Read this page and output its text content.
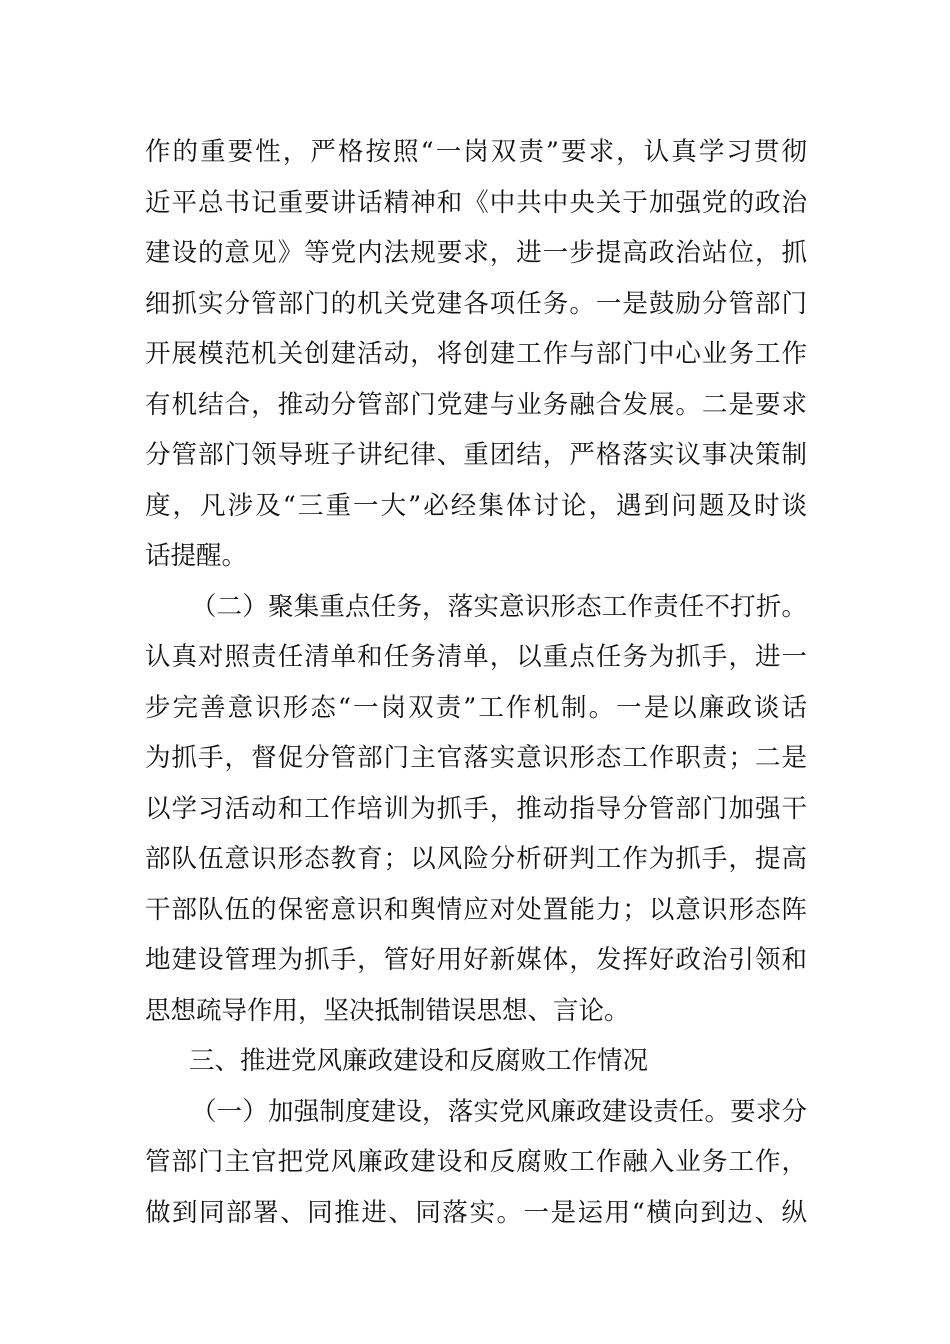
作的重要性，严格按照“一岗双责”要求，认真学习贯彻
近平总书记重要讲话精神和《中共中央关于加强党的政治
建设的意见》等党内法规要求，进一步提高政治站位，抓
细抓实分管部门的机关党建各项任务。一是鼓励分管部门
开展模范机关创建活动，将创建工作与部门中心业务工作
有机结合，推动分管部门党建与业务融合发展。二是要求
分管部门领导班子讲纪律、重团结，严格落实议事决策制
度，凡涉及“三重一大”必经集体讨论，遇到问题及时谈
话提醒。
（二）聚集重点任务，落实意识形态工作责任不打折。
认真对照责任清单和任务清单，以重点任务为抓手，进一
步完善意识形态“一岗双责”工作机制。一是以廉政谈话
为抓手，督促分管部门主官落实意识形态工作职责；二是
以学习活动和工作培训为抓手，推动指导分管部门加强干
部队伍意识形态教育；以风险分析研判工作为抓手，提高
干部队伍的保密意识和舆情应对处置能力；以意识形态阵
地建设管理为抓手，管好用好新媒体，发挥好政治引领和
思想疏导作用，坚决抵制错误思想、言论。
三、推进党风廉政建设和反腐败工作情况
（一）加强制度建设，落实党风廉政建设责任。要求分
管部门主官把党风廉政建设和反腐败工作融入业务工作，
做到同部署、同推进、同落实。一是运用“横向到边、纵
